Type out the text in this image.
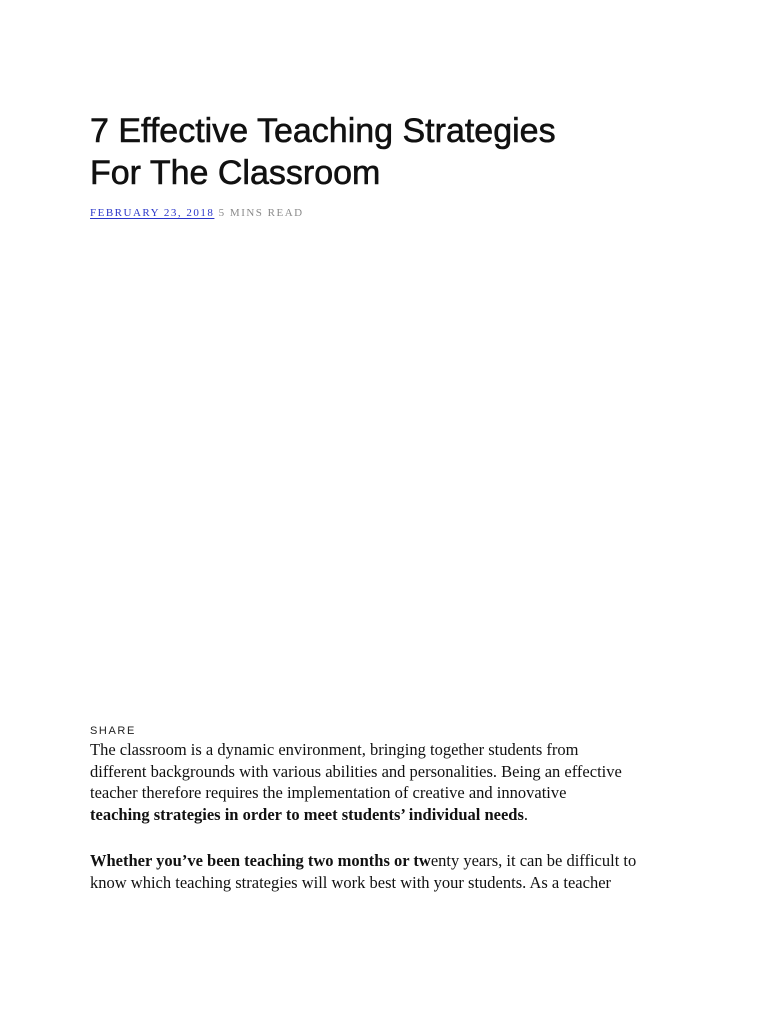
7 Effective Teaching Strategies
For The Classroom
FEBRUARY 23, 2018 5 MINS READ
SHARE

The classroom is a dynamic environment, bringing together students from
different backgrounds with various abilities and personalities. Being an effective
teacher therefore requires the implementation of creative and innovative
teaching strategies in order to meet students’ individual needs.

Whether you’ve been teaching two months or twenty years, it can be difficult to
know which teaching strategies will work best with your students. As a teacher
